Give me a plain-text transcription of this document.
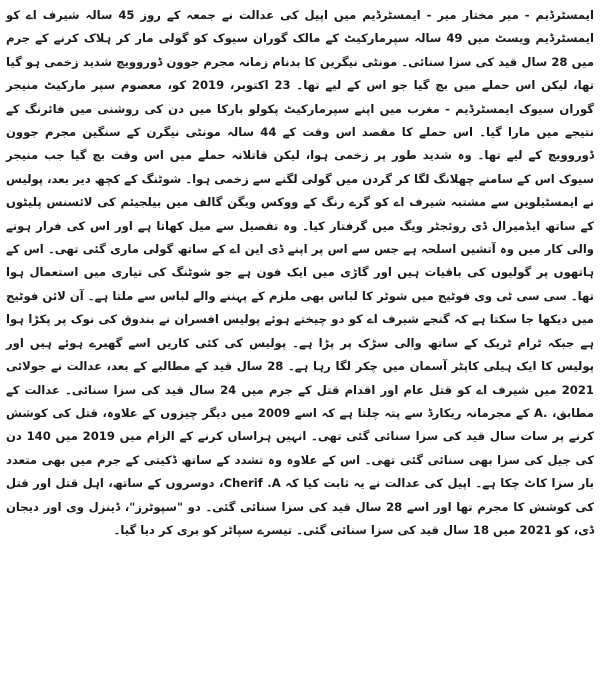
ایمسٹرڈیم - میر مختار میر - ایمسٹرڈیم میں اپیل کی عدالت نے جمعہ کے روز 45 سالہ شیرف اے کو ایمسٹرڈیم ویسٹ میں 49 سالہ سپرمارکیٹ کے مالک گوران سیوک کو گولی مار کر ہلاک کرنے کے جرم میں 28 سال قید کی سزا سنائی۔ مونٹی نیگرین کا بدنام زمانہ مجرم جوون ڈوروویچ شدید زخمی ہو گیا تھا، لیکن اس حملے میں بچ گیا جو اس کے لیے تھا۔ 23 اکتوبر، 2019 کو، معصوم سپر مارکیٹ منیجر گوران سیوک ایمسٹرڈیم - مغرب میں اپنے سپرمارکیٹ پکولو بارکا میں دن کی روشنی میں فائرنگ کے نتیجے میں مارا گیا۔ اس حملے کا مقصد اس وقت کے 44 سالہ مونٹی نیگرن کے سنگین مجرم جوون ڈوروویچ کے لیے تھا۔ وہ شدید طور پر زخمی ہوا، لیکن قاتلانہ حملے میں اس وقت بچ گیا جب منیجر سیوک اس کے سامنے چھلانگ لگا کر گردن میں گولی لگنے سے زخمی ہوا۔ شوٹنگ کے کچھ دیر بعد، پولیس نے ایمسٹیلوین سے مشتبہ شیرف اے کو گرے رنگ کے ووکس ویگن گالف میں بیلجیئم کی لائسنس پلیٹوں کے ساتھ ایڈمیرال ڈی روئجٹر ویگ میں گرفتار کیا۔ وہ تفصیل سے میل کھاتا ہے اور اس کی فرار ہونے والی کار میں وہ آتشیں اسلحہ ہے جس سے اس پر اپنے ڈی این اے کے ساتھ گولی ماری گئی تھی۔ اس کے ہاتھوں پر گولیوں کی باقیات ہیں اور گاڑی میں ایک فون ہے جو شوٹنگ کی تیاری میں استعمال ہوا تھا۔ سی سی ٹی وی فوٹیج میں شوٹر کا لباس بھی ملزم کے پہننے والے لباس سے ملتا ہے۔ آن لائن فوٹیج میں دیکھا جا سکتا ہے کہ گنجے شیرف اے کو دو چیختے ہوئے پولیس افسران نے بندوق کی نوک پر پکڑا ہوا ہے جبکہ ٹرام ٹریک کے ساتھ والی سڑک پر پڑا ہے۔ پولیس کی کئی کاریں اسے گھیرے ہوئے ہیں اور پولیس کا ایک ہیلی کاپٹر آسمان میں چکر لگا رہا ہے۔ 28 سال قید کے مطالبے کے بعد، عدالت نے جولائی 2021 میں شیرف اے کو قتل عام اور اقدام قتل کے جرم میں 24 سال قید کی سزا سنائی۔ عدالت کے مطابق، .A کے مجرمانہ ریکارڈ سے پتہ چلتا ہے کہ اسے 2009 میں دیگر چیزوں کے علاوہ، قتل کی کوشش کرنے پر سات سال قید کی سزا سنائی گئی تھی۔ انہیں ہراساں کرنے کے الزام میں 2019 میں 140 دن کی جیل کی سزا بھی سنائی گئی تھی۔ اس کے علاوہ وہ تشدد کے ساتھ ڈکیتی کے جرم میں بھی متعدد بار سزا کاٹ چکا ہے۔ اپیل کی عدالت نے یہ ثابت کیا کہ Cherif .A، دوسروں کے ساتھ، اہل قتل اور قتل کی کوشش کا مجرم تھا اور اسے 28 سال قید کی سزا سنائی گئی۔ دو "سپوٹرز"، ڈینزل وی اور دیجان ڈی، کو 2021 میں 18 سال قید کی سزا سنائی گئی۔ تیسرے سپاٹر کو بری کر دیا گیا۔
